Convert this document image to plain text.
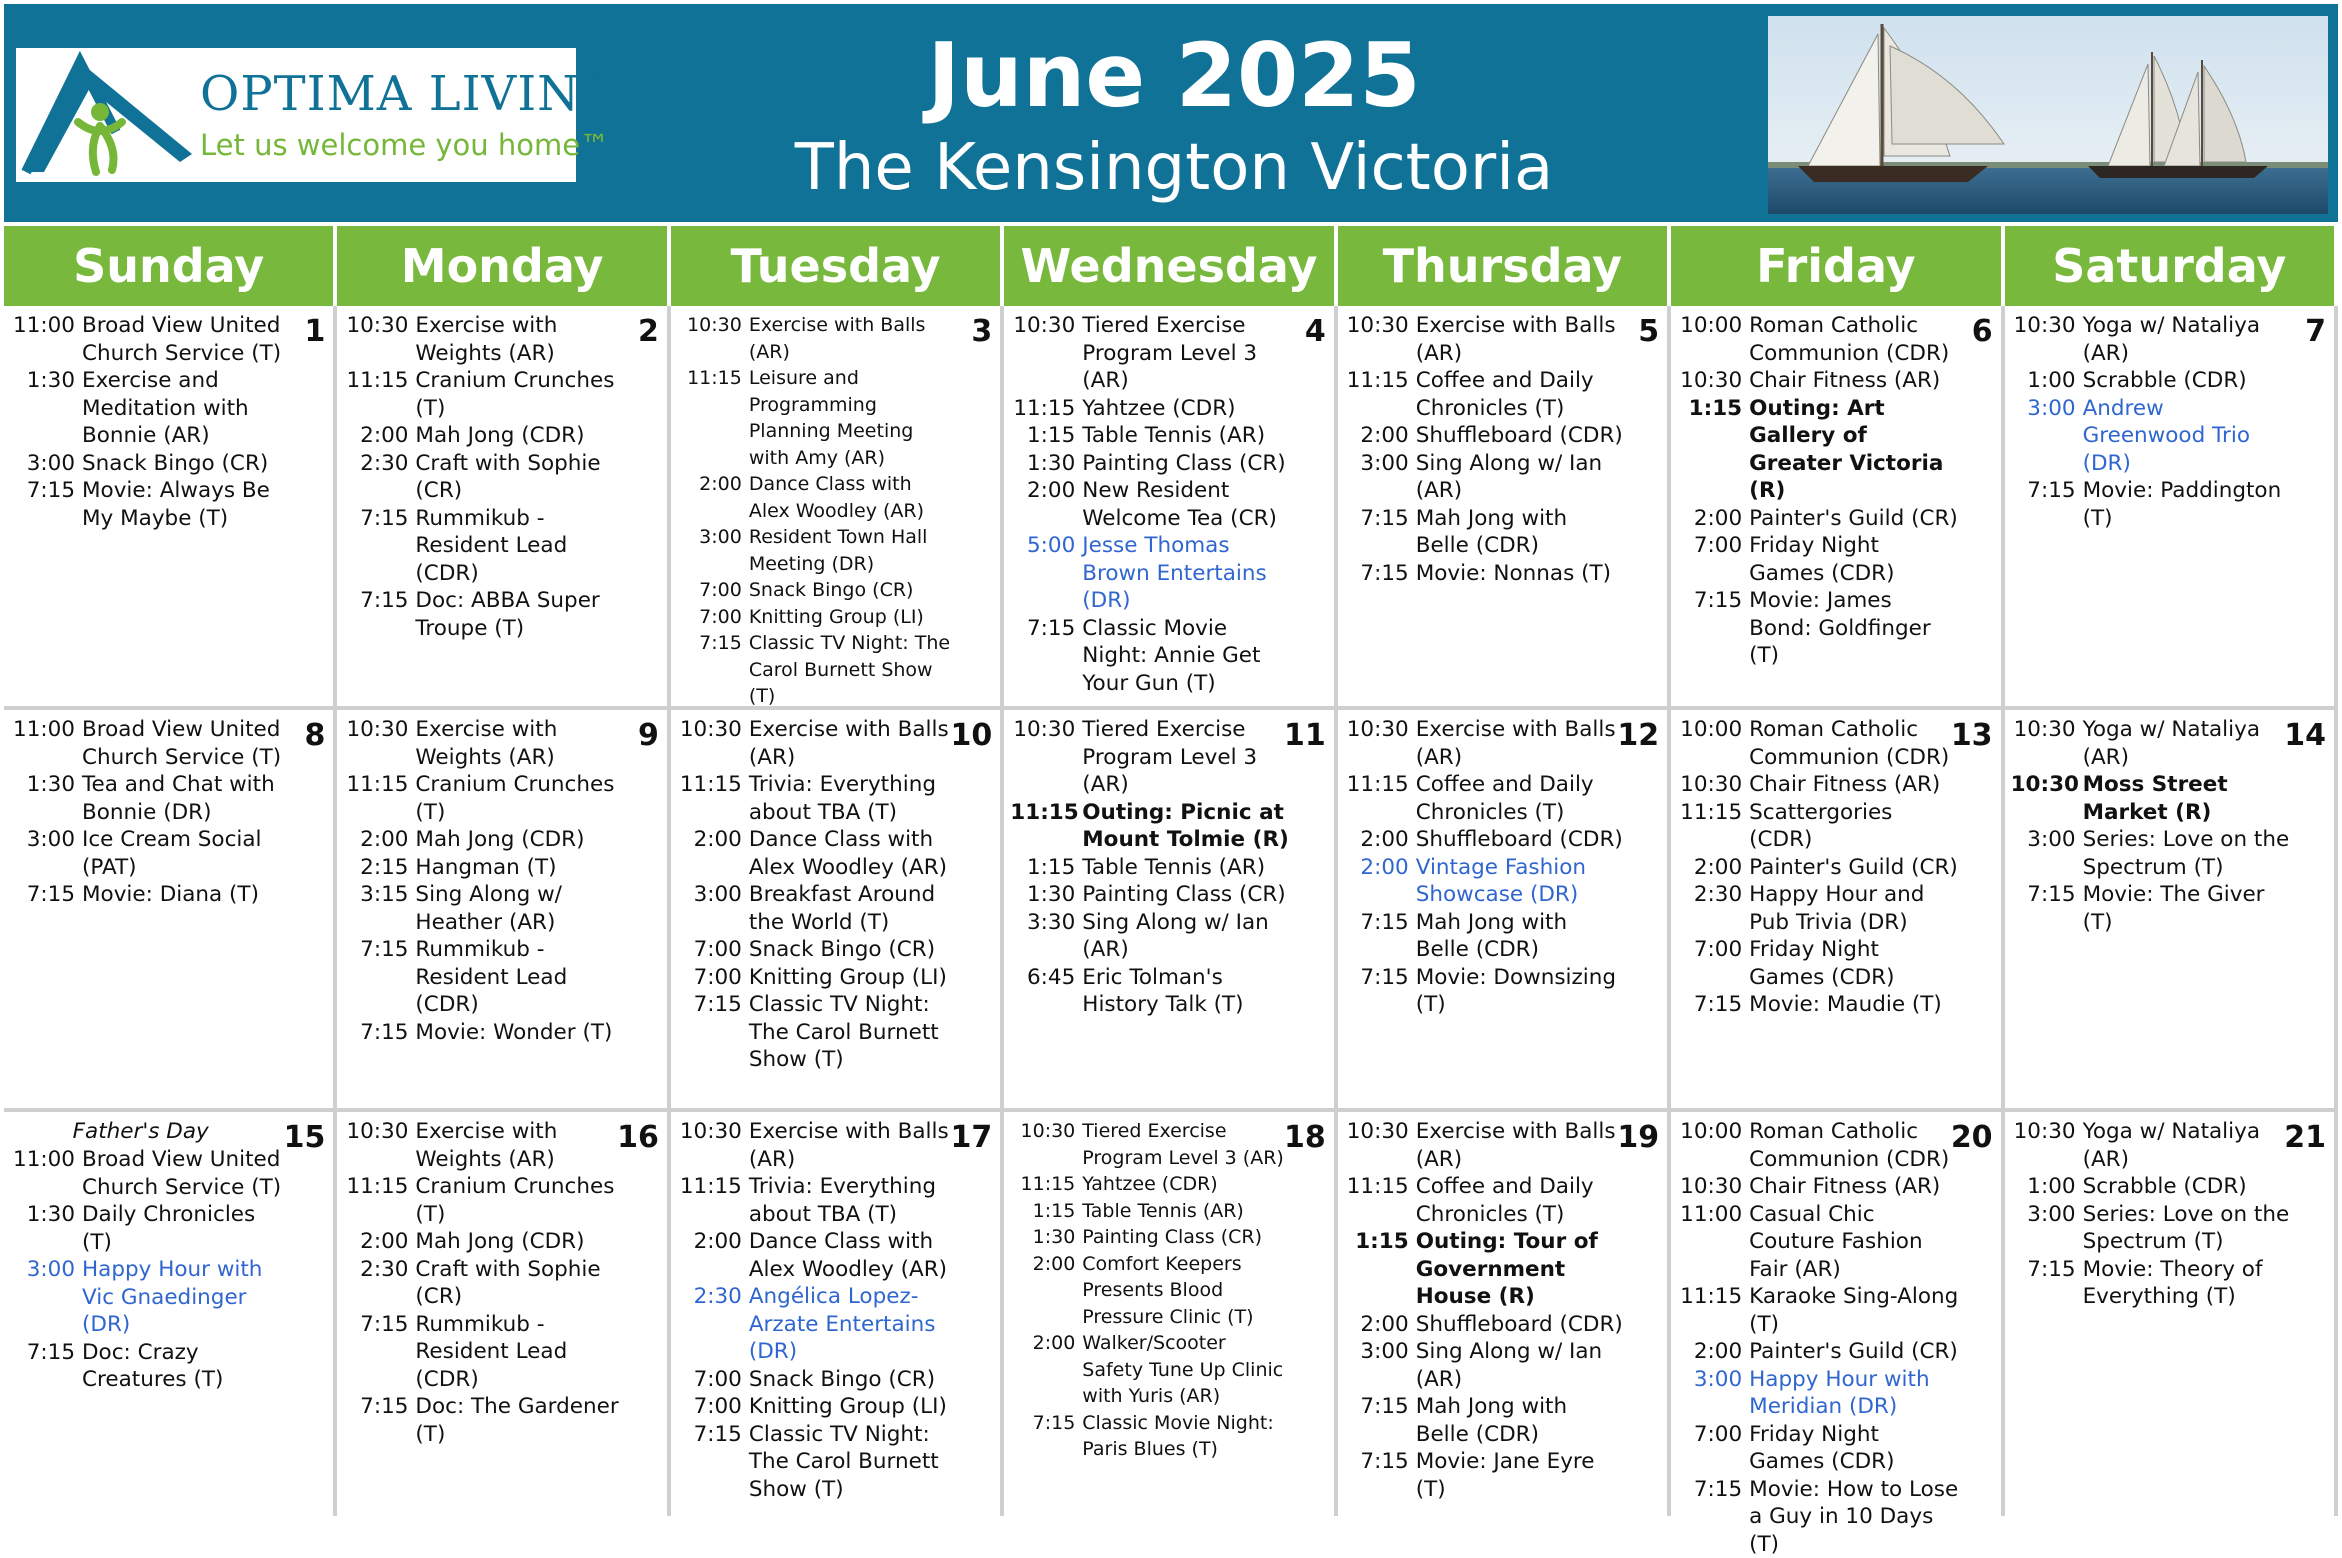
OPTIMA LIVING
Let us welcome you home™
June 2025
The Kensington Victoria
Sunday	Monday	Tuesday	Wednesday	Thursday	Friday	Saturday
1
11:00 Broad View United Church Service (T)
1:30 Exercise and Meditation with Bonnie (AR)
3:00 Snack Bingo (CR)
7:15 Movie: Always Be My Maybe (T)
2
10:30 Exercise with Weights (AR)
11:15 Cranium Crunches (T)
2:00 Mah Jong (CDR)
2:30 Craft with Sophie (CR)
7:15 Rummikub - Resident Lead (CDR)
7:15 Doc: ABBA Super Troupe (T)
3
10:30 Exercise with Balls (AR)
11:15 Leisure and Programming Planning Meeting with Amy (AR)
2:00 Dance Class with Alex Woodley (AR)
3:00 Resident Town Hall Meeting (DR)
7:00 Snack Bingo (CR)
7:00 Knitting Group (LI)
7:15 Classic TV Night: The Carol Burnett Show (T)
4
10:30 Tiered Exercise Program Level 3 (AR)
11:15 Yahtzee (CDR)
1:15 Table Tennis (AR)
1:30 Painting Class (CR)
2:00 New Resident Welcome Tea (CR)
5:00 Jesse Thomas Brown Entertains (DR)
7:15 Classic Movie Night: Annie Get Your Gun (T)
5
10:30 Exercise with Balls (AR)
11:15 Coffee and Daily Chronicles (T)
2:00 Shuffleboard (CDR)
3:00 Sing Along w/ Ian (AR)
7:15 Mah Jong with Belle (CDR)
7:15 Movie: Nonnas (T)
6
10:00 Roman Catholic Communion (CDR)
10:30 Chair Fitness (AR)
1:15 Outing: Art Gallery of Greater Victoria (R)
2:00 Painter's Guild (CR)
7:00 Friday Night Games (CDR)
7:15 Movie: James Bond: Goldfinger (T)
7
10:30 Yoga w/ Nataliya (AR)
1:00 Scrabble (CDR)
3:00 Andrew Greenwood Trio (DR)
7:15 Movie: Paddington (T)
8
11:00 Broad View United Church Service (T)
1:30 Tea and Chat with Bonnie (DR)
3:00 Ice Cream Social (PAT)
7:15 Movie: Diana (T)
9
10:30 Exercise with Weights (AR)
11:15 Cranium Crunches (T)
2:00 Mah Jong (CDR)
2:15 Hangman (T)
3:15 Sing Along w/ Heather (AR)
7:15 Rummikub - Resident Lead (CDR)
7:15 Movie: Wonder (T)
10
10:30 Exercise with Balls (AR)
11:15 Trivia: Everything about TBA (T)
2:00 Dance Class with Alex Woodley (AR)
3:00 Breakfast Around the World (T)
7:00 Snack Bingo (CR)
7:00 Knitting Group (LI)
7:15 Classic TV Night: The Carol Burnett Show (T)
11
10:30 Tiered Exercise Program Level 3 (AR)
11:15 Outing: Picnic at Mount Tolmie (R)
1:15 Table Tennis (AR)
1:30 Painting Class (CR)
3:30 Sing Along w/ Ian (AR)
6:45 Eric Tolman's History Talk (T)
12
10:30 Exercise with Balls (AR)
11:15 Coffee and Daily Chronicles (T)
2:00 Shuffleboard (CDR)
2:00 Vintage Fashion Showcase (DR)
7:15 Mah Jong with Belle (CDR)
7:15 Movie: Downsizing (T)
13
10:00 Roman Catholic Communion (CDR)
10:30 Chair Fitness (AR)
11:15 Scattergories (CDR)
2:00 Painter's Guild (CR)
2:30 Happy Hour and Pub Trivia (DR)
7:00 Friday Night Games (CDR)
7:15 Movie: Maudie (T)
14
10:30 Yoga w/ Nataliya (AR)
10:30 Moss Street Market (R)
3:00 Series: Love on the Spectrum (T)
7:15 Movie: The Giver (T)
15
Father's Day
11:00 Broad View United Church Service (T)
1:30 Daily Chronicles (T)
3:00 Happy Hour with Vic Gnaedinger (DR)
7:15 Doc: Crazy Creatures (T)
16
10:30 Exercise with Weights (AR)
11:15 Cranium Crunches (T)
2:00 Mah Jong (CDR)
2:30 Craft with Sophie (CR)
7:15 Rummikub - Resident Lead (CDR)
7:15 Doc: The Gardener (T)
17
10:30 Exercise with Balls (AR)
11:15 Trivia: Everything about TBA (T)
2:00 Dance Class with Alex Woodley (AR)
2:30 Angélica Lopez-Arzate Entertains (DR)
7:00 Snack Bingo (CR)
7:00 Knitting Group (LI)
7:15 Classic TV Night: The Carol Burnett Show (T)
18
10:30 Tiered Exercise Program Level 3 (AR)
11:15 Yahtzee (CDR)
1:15 Table Tennis (AR)
1:30 Painting Class (CR)
2:00 Comfort Keepers Presents Blood Pressure Clinic (T)
2:00 Walker/Scooter Safety Tune Up Clinic with Yuris (AR)
7:15 Classic Movie Night: Paris Blues (T)
19
10:30 Exercise with Balls (AR)
11:15 Coffee and Daily Chronicles (T)
1:15 Outing: Tour of Government House (R)
2:00 Shuffleboard (CDR)
3:00 Sing Along w/ Ian (AR)
7:15 Mah Jong with Belle (CDR)
7:15 Movie: Jane Eyre (T)
20
10:00 Roman Catholic Communion (CDR)
10:30 Chair Fitness (AR)
11:00 Casual Chic Couture Fashion Fair (AR)
11:15 Karaoke Sing-Along (T)
2:00 Painter's Guild (CR)
3:00 Happy Hour with Meridian (DR)
7:00 Friday Night Games (CDR)
7:15 Movie: How to Lose a Guy in 10 Days (T)
21
10:30 Yoga w/ Nataliya (AR)
1:00 Scrabble (CDR)
3:00 Series: Love on the Spectrum (T)
7:15 Movie: Theory of Everything (T)
